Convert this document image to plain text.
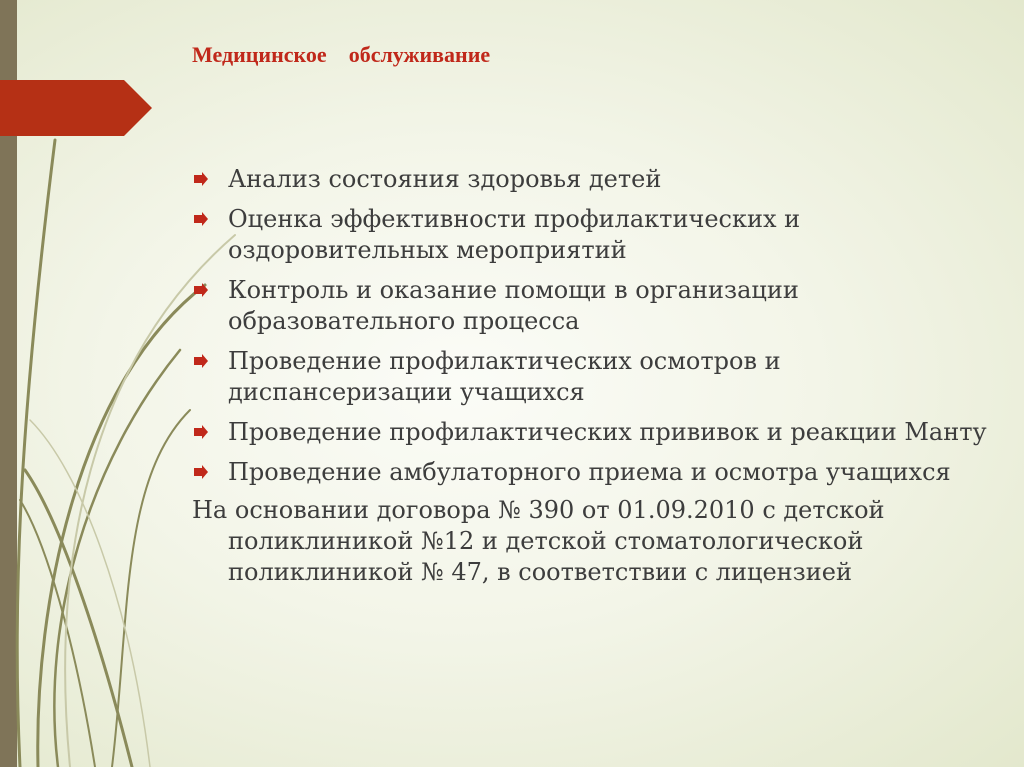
Медицинское    обслуживание
Анализ состояния здоровья детей
Оценка эффективности профилактических и оздоровительных мероприятий
Контроль и оказание помощи в организации образовательного процесса
Проведение профилактических осмотров и диспансеризации учащихся
Проведение профилактических прививок и реакции Манту
Проведение амбулаторного приема и осмотра учащихся

На основании договора № 390 от 01.09.2010 с детской поликлиникой №12 и детской стоматологической поликлиникой № 47, в соответствии с лицензией
